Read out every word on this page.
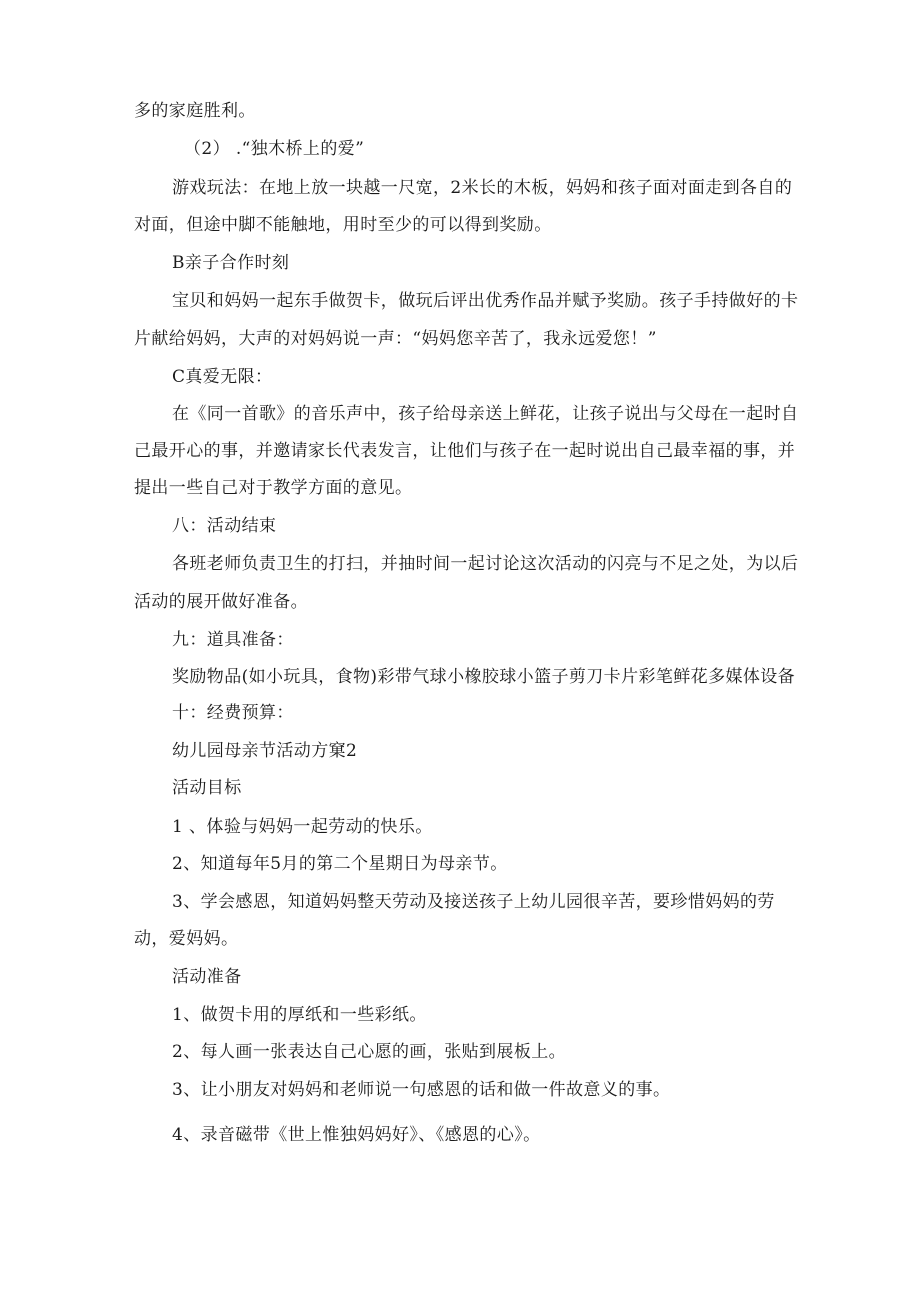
多的家庭胜利。

（2） .“独木桥上的爱”

游戏玩法：在地上放一块越一尺宽，2米长的木板，妈妈和孩子面对面走到各自的

对面，但途中脚不能触地，用时至少的可以得到奖励。

B亲子合作时刻

宝贝和妈妈一起东手做贺卡，做玩后评出优秀作品并赋予奖励。孩子手持做好的卡

片献给妈妈，大声的对妈妈说一声：“妈妈您辛苦了，我永远爱您！”

C真爱无限：

在《同一首歌》的音乐声中，孩子给母亲送上鲜花，让孩子说出与父母在一起时自

己最开心的事，并邀请家长代表发言，让他们与孩子在一起时说出自己最幸福的事，并

提出一些自己对于教学方面的意见。

八：活动结束

各班老师负责卫生的打扫，并抽时间一起讨论这次活动的闪亮与不足之处，为以后

活动的展开做好准备。

九：道具准备：

奖励物品(如小玩具，食物)彩带气球小橡胶球小篮子剪刀卡片彩笔鲜花多媒体设备

十：经费预算：

幼儿园母亲节活动方窠2

活动目标

1 、体验与妈妈一起劳动的快乐。

2、知道每年5月的第二个星期日为母亲节。

3、学会感恩，知道妈妈整天劳动及接送孩子上幼儿园很辛苦，要珍惜妈妈的劳

动，爱妈妈。

活动准备

1、做贺卡用的厚纸和一些彩纸。

2、每人画一张表达自己心愿的画，张贴到展板上。

3、让小朋友对妈妈和老师说一句感恩的话和做一件故意义的事。

4、录音磁带《世上惟独妈妈好》、《感恩的心》。
